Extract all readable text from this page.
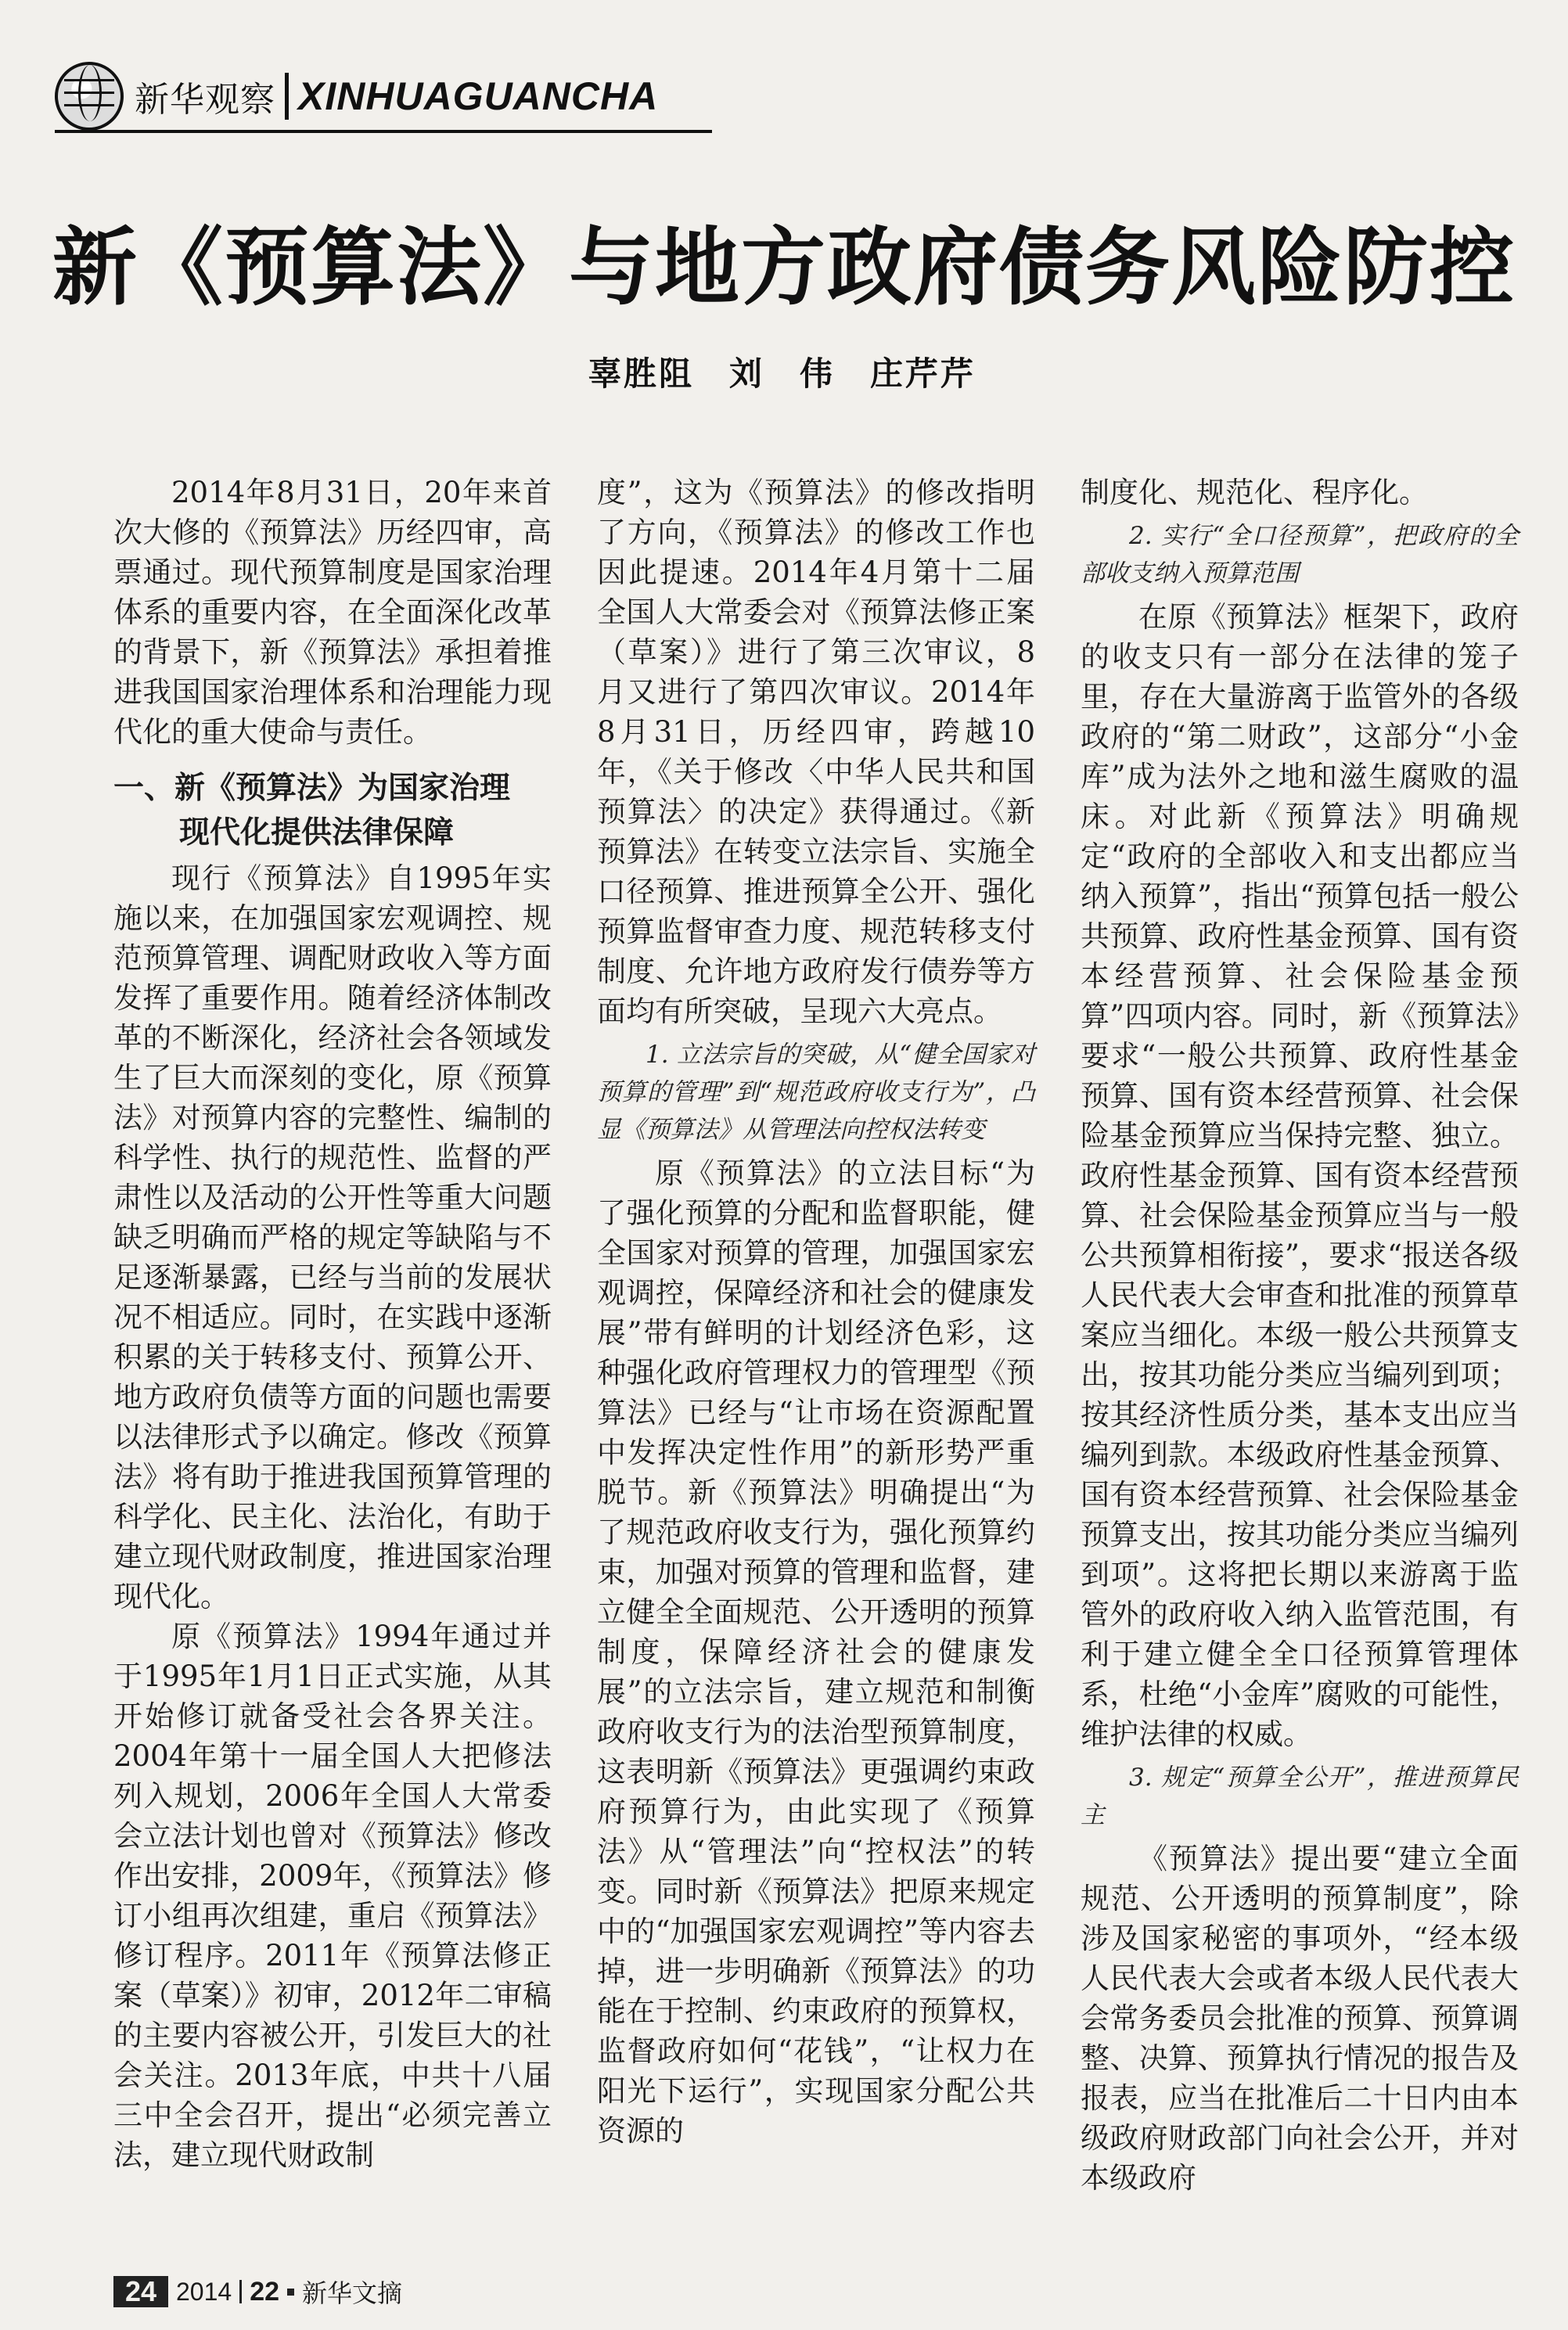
新华观察 XINHUAGUANCHA
新《预算法》与地方政府债务风险防控
辜胜阻　刘　伟　庄芹芹

2014年8月31日，20年来首次大修的《预算法》历经四审，高票通过。现代预算制度是国家治理体系的重要内容，在全面深化改革的背景下，新《预算法》承担着推进我国国家治理体系和治理能力现代化的重大使命与责任。

一、新《预算法》为国家治理
现代化提供法律保障

现行《预算法》自1995年实施以来，在加强国家宏观调控、规范预算管理、调配财政收入等方面发挥了重要作用。随着经济体制改革的不断深化，经济社会各领域发生了巨大而深刻的变化，原《预算法》对预算内容的完整性、编制的科学性、执行的规范性、监督的严肃性以及活动的公开性等重大问题缺乏明确而严格的规定等缺陷与不足逐渐暴露，已经与当前的发展状况不相适应。同时，在实践中逐渐积累的关于转移支付、预算公开、地方政府负债等方面的问题也需要以法律形式予以确定。修改《预算法》将有助于推进我国预算管理的科学化、民主化、法治化，有助于建立现代财政制度，推进国家治理现代化。

原《预算法》1994年通过并于1995年1月1日正式实施，从其开始修订就备受社会各界关注。2004年第十一届全国人大把修法列入规划，2006年全国人大常委会立法计划也曾对《预算法》修改作出安排，2009年，《预算法》修订小组再次组建，重启《预算法》修订程序。2011年《预算法修正案（草案）》初审，2012年二审稿的主要内容被公开，引发巨大的社会关注。2013年底，中共十八届三中全会召开，提出“必须完善立法，建立现代财政制

度”，这为《预算法》的修改指明了方向，《预算法》的修改工作也因此提速。2014年4月第十二届全国人大常委会对《预算法修正案（草案）》进行了第三次审议，8月又进行了第四次审议。2014年8月31日，历经四审，跨越10年，《关于修改〈中华人民共和国预算法〉的决定》获得通过。《新预算法》在转变立法宗旨、实施全口径预算、推进预算全公开、强化预算监督审查力度、规范转移支付制度、允许地方政府发行债券等方面均有所突破，呈现六大亮点。

1. 立法宗旨的突破，从“健全国家对预算的管理”到“规范政府收支行为”，凸显《预算法》从管理法向控权法转变

原《预算法》的立法目标“为了强化预算的分配和监督职能，健全国家对预算的管理，加强国家宏观调控，保障经济和社会的健康发展”带有鲜明的计划经济色彩，这种强化政府管理权力的管理型《预算法》已经与“让市场在资源配置中发挥决定性作用”的新形势严重脱节。新《预算法》明确提出“为了规范政府收支行为，强化预算约束，加强对预算的管理和监督，建立健全全面规范、公开透明的预算制度，保障经济社会的健康发展”的立法宗旨，建立规范和制衡政府收支行为的法治型预算制度，这表明新《预算法》更强调约束政府预算行为，由此实现了《预算法》从“管理法”向“控权法”的转变。同时新《预算法》把原来规定中的“加强国家宏观调控”等内容去掉，进一步明确新《预算法》的功能在于控制、约束政府的预算权，监督政府如何“花钱”，“让权力在阳光下运行”，实现国家分配公共资源的

制度化、规范化、程序化。

2. 实行“全口径预算”，把政府的全部收支纳入预算范围

在原《预算法》框架下，政府的收支只有一部分在法律的笼子里，存在大量游离于监管外的各级政府的“第二财政”，这部分“小金库”成为法外之地和滋生腐败的温床。对此新《预算法》明确规定“政府的全部收入和支出都应当纳入预算”，指出“预算包括一般公共预算、政府性基金预算、国有资本经营预算、社会保险基金预算”四项内容。同时，新《预算法》要求“一般公共预算、政府性基金预算、国有资本经营预算、社会保险基金预算应当保持完整、独立。政府性基金预算、国有资本经营预算、社会保险基金预算应当与一般公共预算相衔接”，要求“报送各级人民代表大会审查和批准的预算草案应当细化。本级一般公共预算支出，按其功能分类应当编列到项；按其经济性质分类，基本支出应当编列到款。本级政府性基金预算、国有资本经营预算、社会保险基金预算支出，按其功能分类应当编列到项”。这将把长期以来游离于监管外的政府收入纳入监管范围，有利于建立健全全口径预算管理体系，杜绝“小金库”腐败的可能性，维护法律的权威。

3. 规定“预算全公开”，推进预算民主

《预算法》提出要“建立全面规范、公开透明的预算制度”，除涉及国家秘密的事项外，“经本级人民代表大会或者本级人民代表大会常务委员会批准的预算、预算调整、决算、预算执行情况的报告及报表，应当在批准后二十日内由本级政府财政部门向社会公开，并对本级政府

24 2014 22 新华文摘
